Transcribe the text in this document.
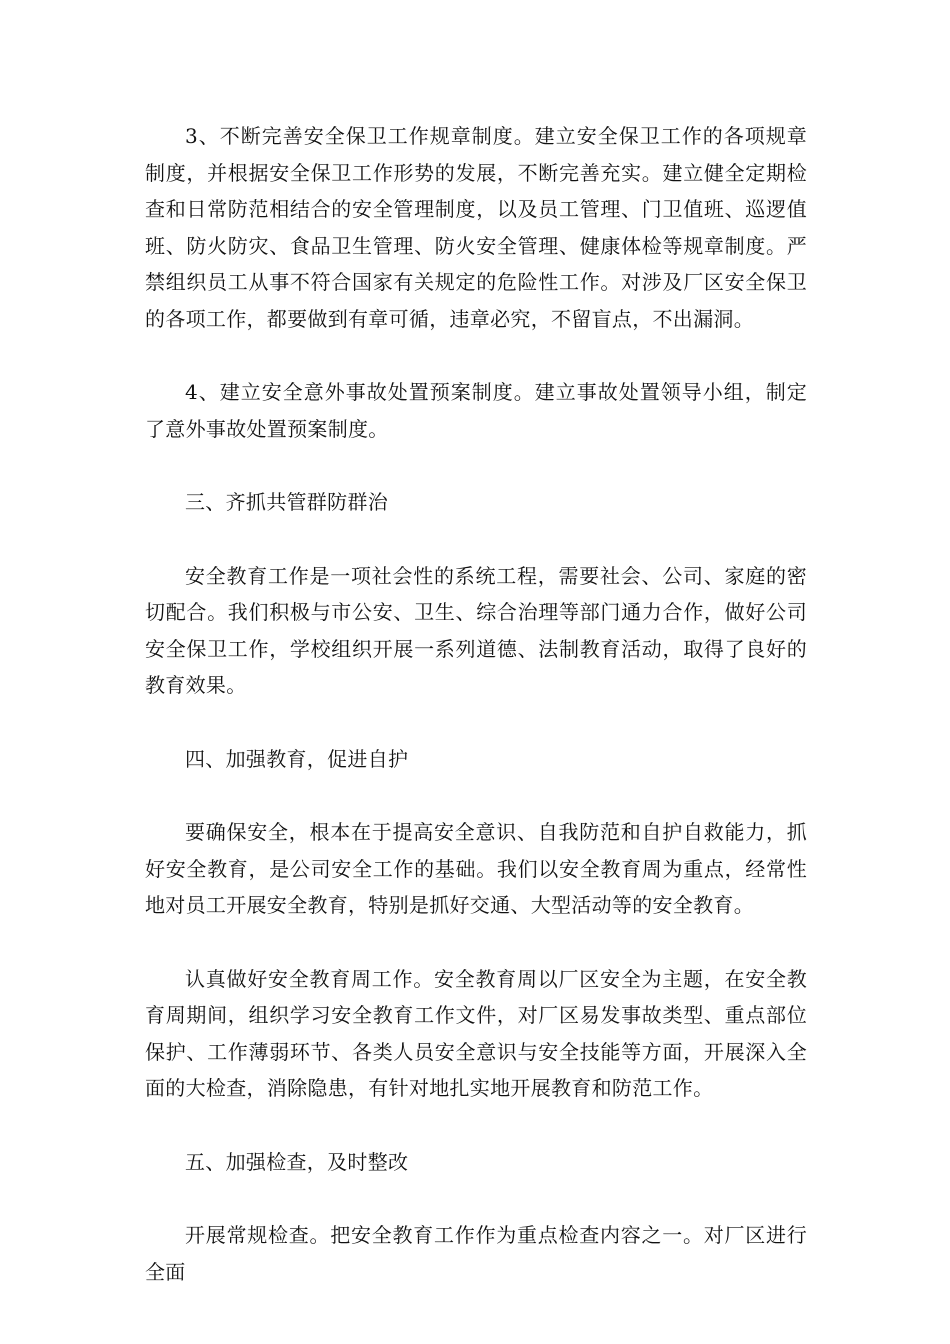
3、不断完善安全保卫工作规章制度。建立安全保卫工作的各项规章制度，并根据安全保卫工作形势的发展，不断完善充实。建立健全定期检查和日常防范相结合的安全管理制度，以及员工管理、门卫值班、巡逻值班、防火防灾、食品卫生管理、防火安全管理、健康体检等规章制度。严禁组织员工从事不符合国家有关规定的危险性工作。对涉及厂区安全保卫的各项工作，都要做到有章可循，违章必究，不留盲点，不出漏洞。

4、建立安全意外事故处置预案制度。建立事故处置领导小组，制定了意外事故处置预案制度。

三、齐抓共管群防群治

安全教育工作是一项社会性的系统工程，需要社会、公司、家庭的密切配合。我们积极与市公安、卫生、综合治理等部门通力合作，做好公司安全保卫工作，学校组织开展一系列道德、法制教育活动，取得了良好的教育效果。

四、加强教育，促进自护

要确保安全，根本在于提高安全意识、自我防范和自护自救能力，抓好安全教育，是公司安全工作的基础。我们以安全教育周为重点，经常性地对员工开展安全教育，特别是抓好交通、大型活动等的安全教育。

认真做好安全教育周工作。安全教育周以厂区安全为主题，在安全教育周期间，组织学习安全教育工作文件，对厂区易发事故类型、重点部位保护、工作薄弱环节、各类人员安全意识与安全技能等方面，开展深入全面的大检查，消除隐患，有针对地扎实地开展教育和防范工作。

五、加强检查，及时整改

开展常规检查。把安全教育工作作为重点检查内容之一。对厂区进行全面
